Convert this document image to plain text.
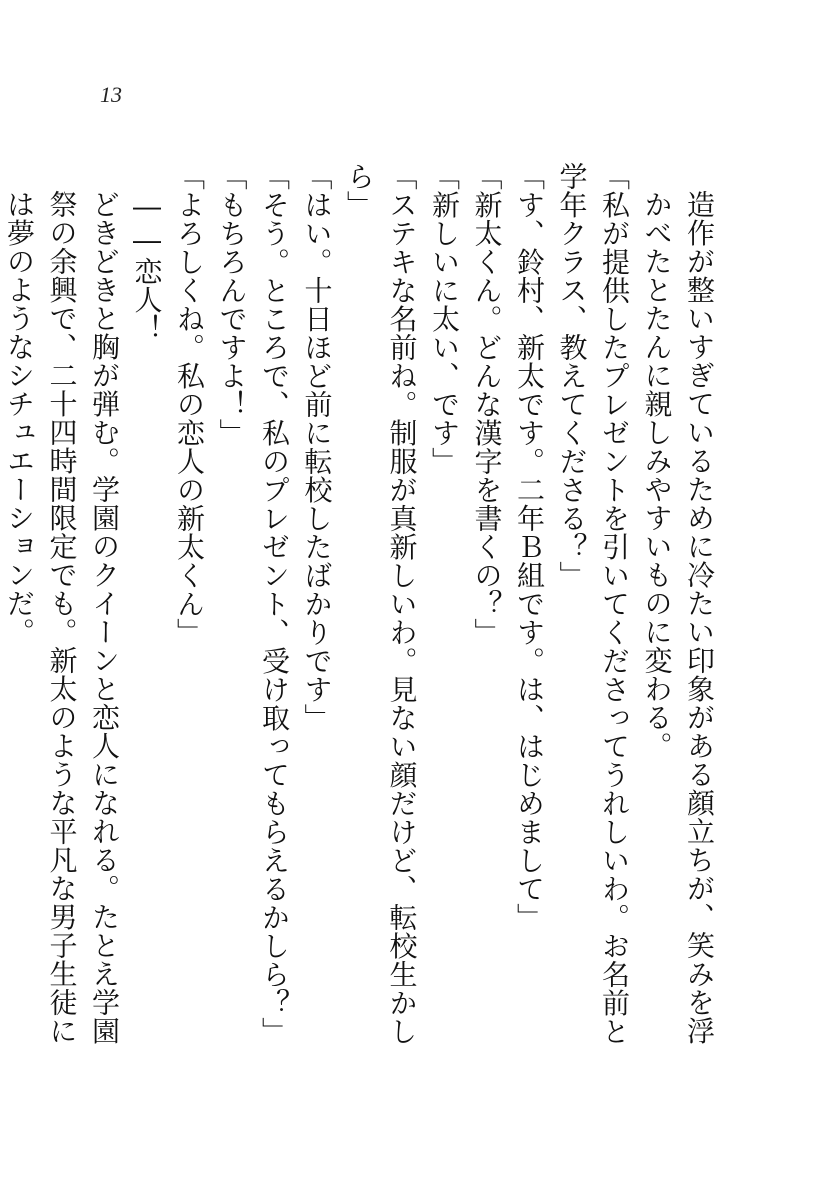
13

造作が整いすぎているために冷たい印象がある顔立ちが、笑みを浮かべたとたんに親しみやすいものに変わる。

「私が提供したプレゼントを引いてくださってうれしいわ。お名前と学年クラス、教えてくださる？」

「す、鈴村、新太です。二年Ｂ組です。は、はじめまして」

「新太くん。どんな漢字を書くの？」

「新しいに太い、です」

「ステキな名前ね。制服が真新しいわ。見ない顔だけど、転校生かしら」

「はい。十日ほど前に転校したばかりです」

「そう。ところで、私のプレゼント、受け取ってもらえるかしら？」

「もちろんですよ！」

「よろしくね。私の恋人の新太くん」

――恋人！

どきどきと胸が弾む。学園のクイーンと恋人になれる。たとえ学園祭の余興で、二十四時間限定でも。新太のような平凡な男子生徒には夢のようなシチュエーションだ。
